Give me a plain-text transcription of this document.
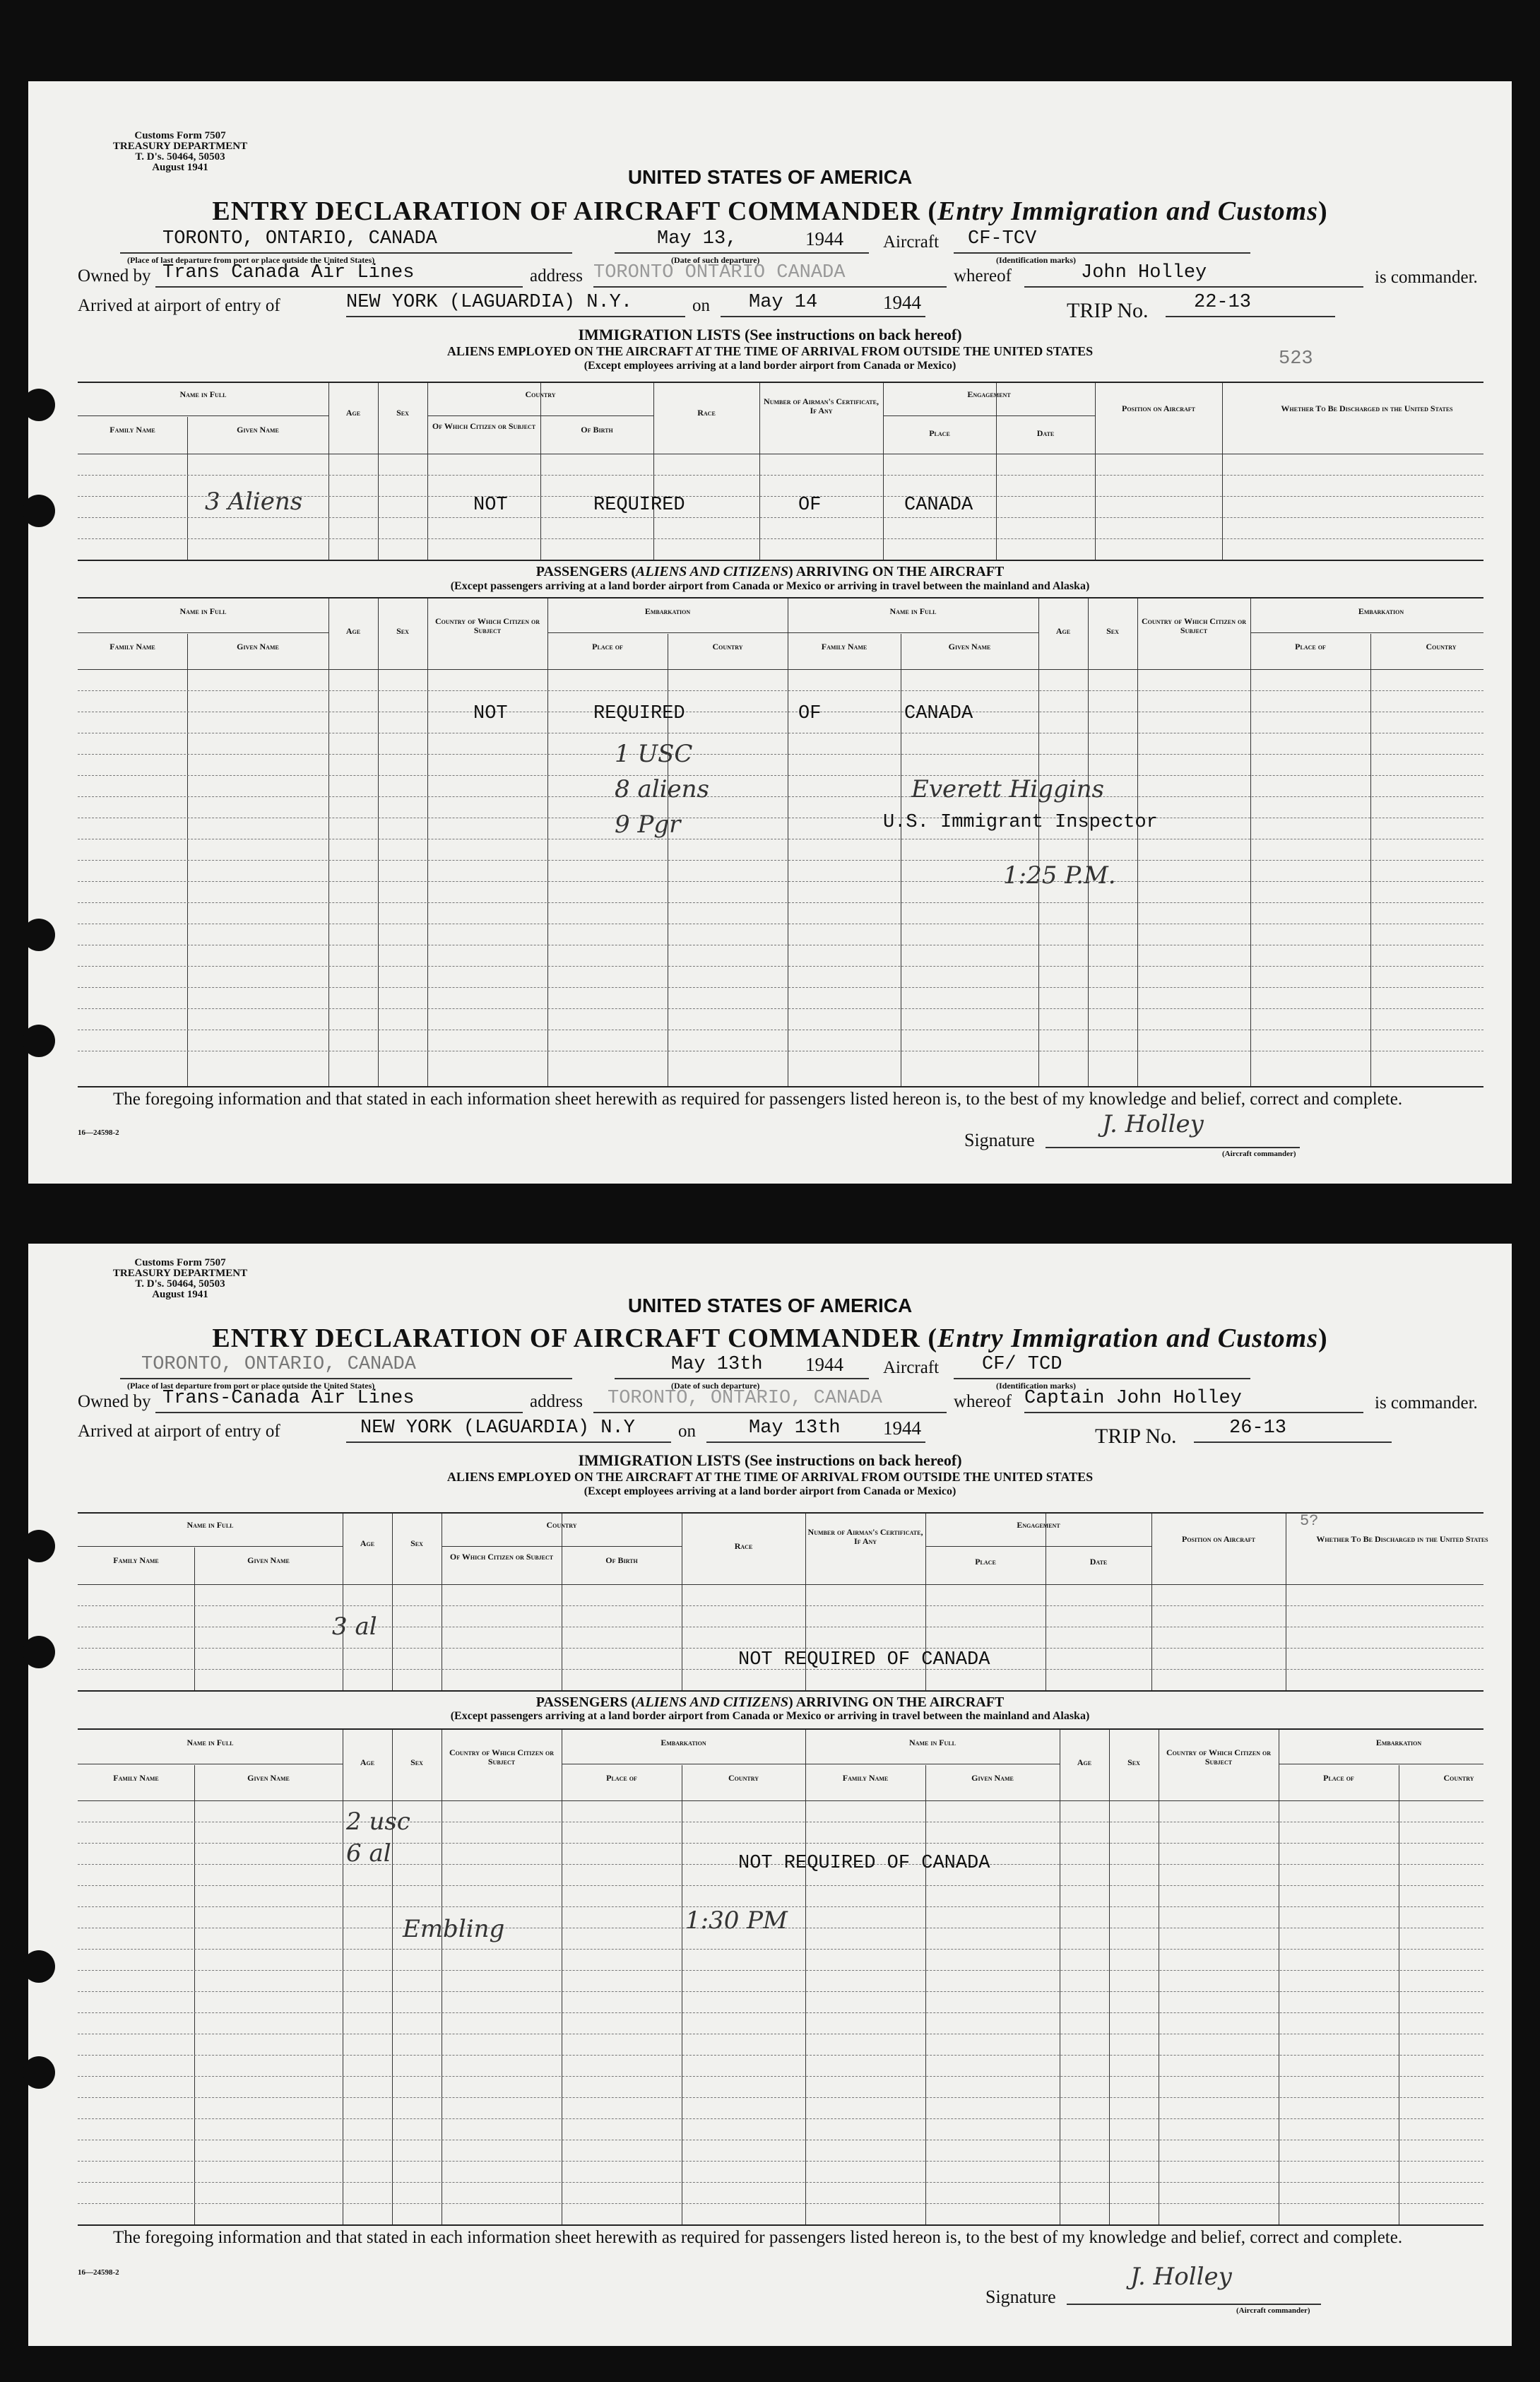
Customs Form 7507
TREASURY DEPARTMENT
T. D's. 50464, 50503
August 1941	UNITED STATES OF AMERICA
ENTRY DECLARATION OF AIRCRAFT COMMANDER (Entry Immigration and Customs)
TORONTO, ONTARIO, CANADA	May 13,	1944 Aircraft CF-TCV
(Place of last departure from port or place outside the United States)	(Date of such departure)	(Identification marks)
Owned by Trans Canada Air Lines	address TORONTO ONTARIO CANADA	whereof	John Holley	is commander.
Arrived at airport of entry of	NEW YORK (LAGUARDIA) N.Y.	on May 14	1944	TRIP No. 22-13
IMMIGRATION LISTS (See instructions on back hereof)
ALIENS EMPLOYED ON THE AIRCRAFT AT THE TIME OF ARRIVAL FROM OUTSIDE THE UNITED STATES
(Except employees arriving at a land border airport from Canada or Mexico)	523
Name in Full
Family Name	Given Name
Age	Sex
Country
Of Which Citizen or Subject	Of Birth
Race
Number of Airman's Certificate, If Any
Engagement
Place	Date
Position on Aircraft	Whether To Be Discharged in the United States
3 Aliens	NOT	REQUIRED	OF	CANADA
PASSENGERS (ALIENS AND CITIZENS) ARRIVING ON THE AIRCRAFT
(Except passengers arriving at a land border airport from Canada or Mexico or arriving in travel between the mainland and Alaska)
Name in Full
Family Name	Given Name
Age	Sex
Country of Which Citizen or Subject
Embarkation
Place of	Country
Name in Full
Family Name	Given Name
Age	Sex
Country of Which Citizen or Subject
Embarkation
Place of	Country
NOT	REQUIRED	OF	CANADA
1 USC
8 aliens
9 Pgr
Everett Higgins
U.S. Immigrant Inspector
1:25 P.M.
The foregoing information and that stated in each information sheet herewith as required for passengers listed hereon is, to the best of my knowledge and belief, correct and complete.
16—24598-2	Signature
J. Holley
(Aircraft commander)
Customs Form 7507
TREASURY DEPARTMENT
T. D's. 50464, 50503
August 1941	UNITED STATES OF AMERICA
ENTRY DECLARATION OF AIRCRAFT COMMANDER (Entry Immigration and Customs)
TORONTO, ONTARIO, CANADA	May 13th 1944 Aircraft CF/ TCD
(Place of last departure from port or place outside the United States)	(Date of such departure)	(Identification marks)
Owned by Trans-Canada Air Lines	address TORONTO, ONTARIO, CANADA	whereof Captain John Holley	is commander.
Arrived at airport of entry of	NEW YORK (LAGUARDIA) N.Y on	May 13th 1944	TRIP No.	26-13
IMMIGRATION LISTS (See instructions on back hereof)
ALIENS EMPLOYED ON THE AIRCRAFT AT THE TIME OF ARRIVAL FROM OUTSIDE THE UNITED STATES
(Except employees arriving at a land border airport from Canada or Mexico)
5?
Name in Full
Family Name	Given Name
Age	Sex
Country
Of Which Citizen or Subject	Of Birth
Race
Number of Airman's Certificate, If Any
Engagement
Place	Date
Position on Aircraft	Whether To Be Discharged in the United States
3 al
NOT REQUIRED OF CANADA
PASSENGERS (ALIENS AND CITIZENS) ARRIVING ON THE AIRCRAFT
(Except passengers arriving at a land border airport from Canada or Mexico or arriving in travel between the mainland and Alaska)
Name in Full
Family Name	Given Name
Age	Sex
Country of Which Citizen or Subject
Embarkation
Place of	Country
Name in Full
Family Name	Given Name
Age	Sex
Country of Which Citizen or Subject
Embarkation
Place of	Country
2 usc
6 al	NOT REQUIRED OF CANADA
Embling	1:30 PM
The foregoing information and that stated in each information sheet herewith as required for passengers listed hereon is, to the best of my knowledge and belief, correct and complete.
16—24598-2
Signature
J. Holley
(Aircraft commander)
